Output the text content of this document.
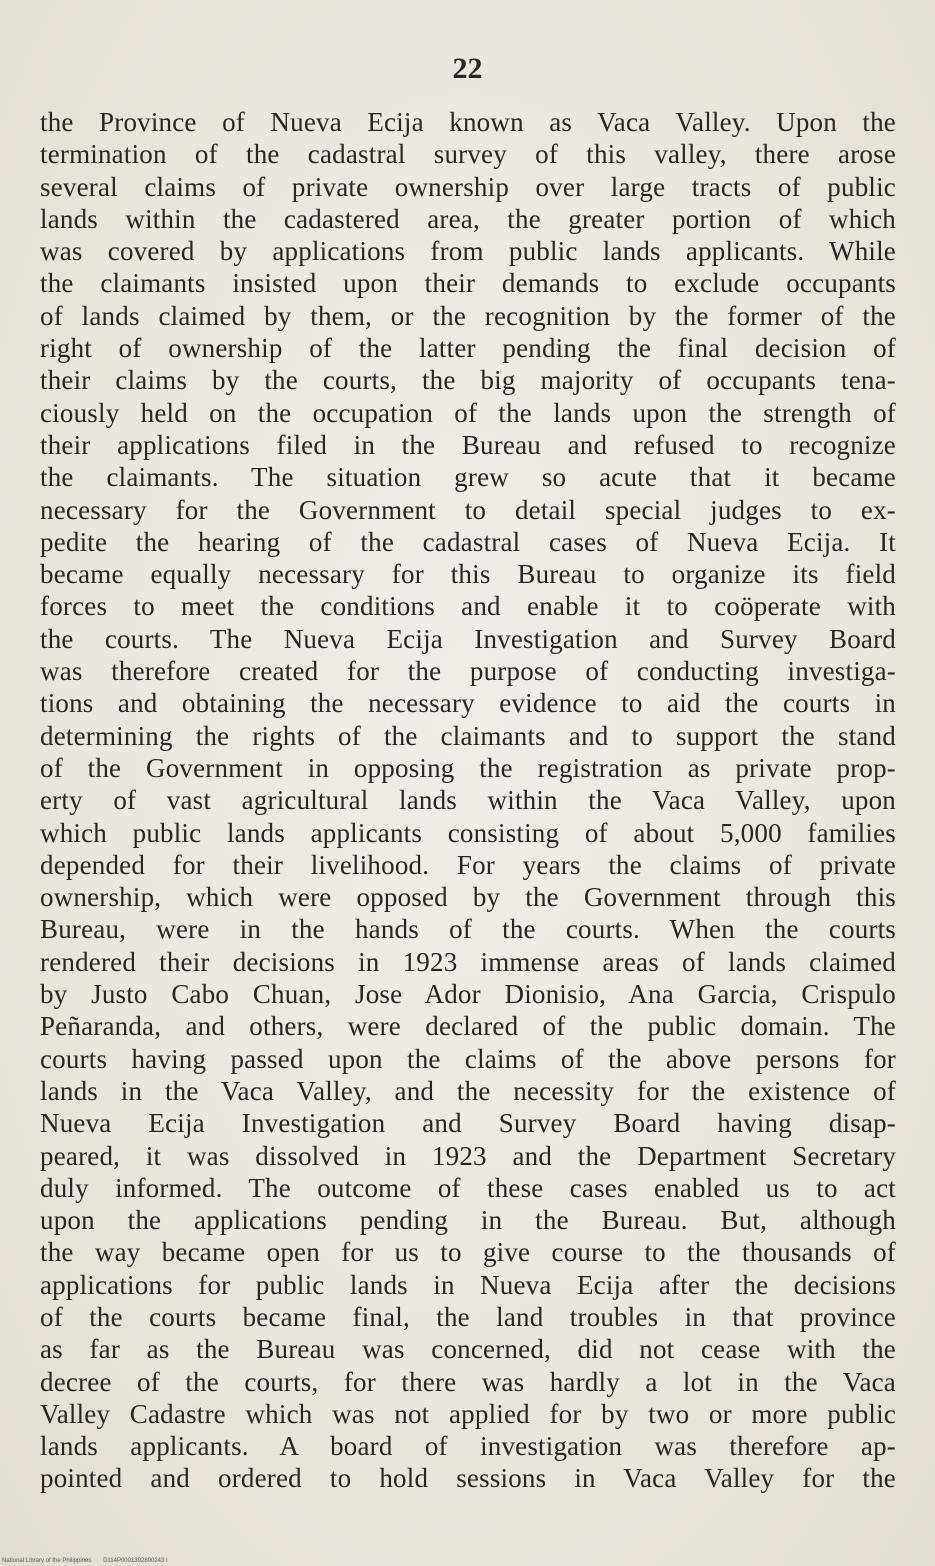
22
the Province of Nueva Ecija known as Vaca Valley. Upon the
termination of the cadastral survey of this valley, there arose
several claims of private ownership over large tracts of public
lands within the cadastered area, the greater portion of which
was covered by applications from public lands applicants. While
the claimants insisted upon their demands to exclude occupants
of lands claimed by them, or the recognition by the former of the
right of ownership of the latter pending the final decision of
their claims by the courts, the big majority of occupants tena-
ciously held on the occupation of the lands upon the strength of
their applications filed in the Bureau and refused to recognize
the claimants. The situation grew so acute that it became
necessary for the Government to detail special judges to ex-
pedite the hearing of the cadastral cases of Nueva Ecija. It
became equally necessary for this Bureau to organize its field
forces to meet the conditions and enable it to coöperate with
the courts. The Nueva Ecija Investigation and Survey Board
was therefore created for the purpose of conducting investiga-
tions and obtaining the necessary evidence to aid the courts in
determining the rights of the claimants and to support the stand
of the Government in opposing the registration as private prop-
erty of vast agricultural lands within the Vaca Valley, upon
which public lands applicants consisting of about 5,000 families
depended for their livelihood. For years the claims of private
ownership, which were opposed by the Government through this
Bureau, were in the hands of the courts. When the courts
rendered their decisions in 1923 immense areas of lands claimed
by Justo Cabo Chuan, Jose Ador Dionisio, Ana Garcia, Crispulo
Peñaranda, and others, were declared of the public domain. The
courts having passed upon the claims of the above persons for
lands in the Vaca Valley, and the necessity for the existence of
Nueva Ecija Investigation and Survey Board having disap-
peared, it was dissolved in 1923 and the Department Secretary
duly informed. The outcome of these cases enabled us to act
upon the applications pending in the Bureau. But, although
the way became open for us to give course to the thousands of
applications for public lands in Nueva Ecija after the decisions
of the courts became final, the land troubles in that province
as far as the Bureau was concerned, did not cease with the
decree of the courts, for there was hardly a lot in the Vaca
Valley Cadastre which was not applied for by two or more public
lands applicants. A board of investigation was therefore ap-
pointed and ordered to hold sessions in Vaca Valley for the
National Library of the Philippines D114P0001392800243 I
